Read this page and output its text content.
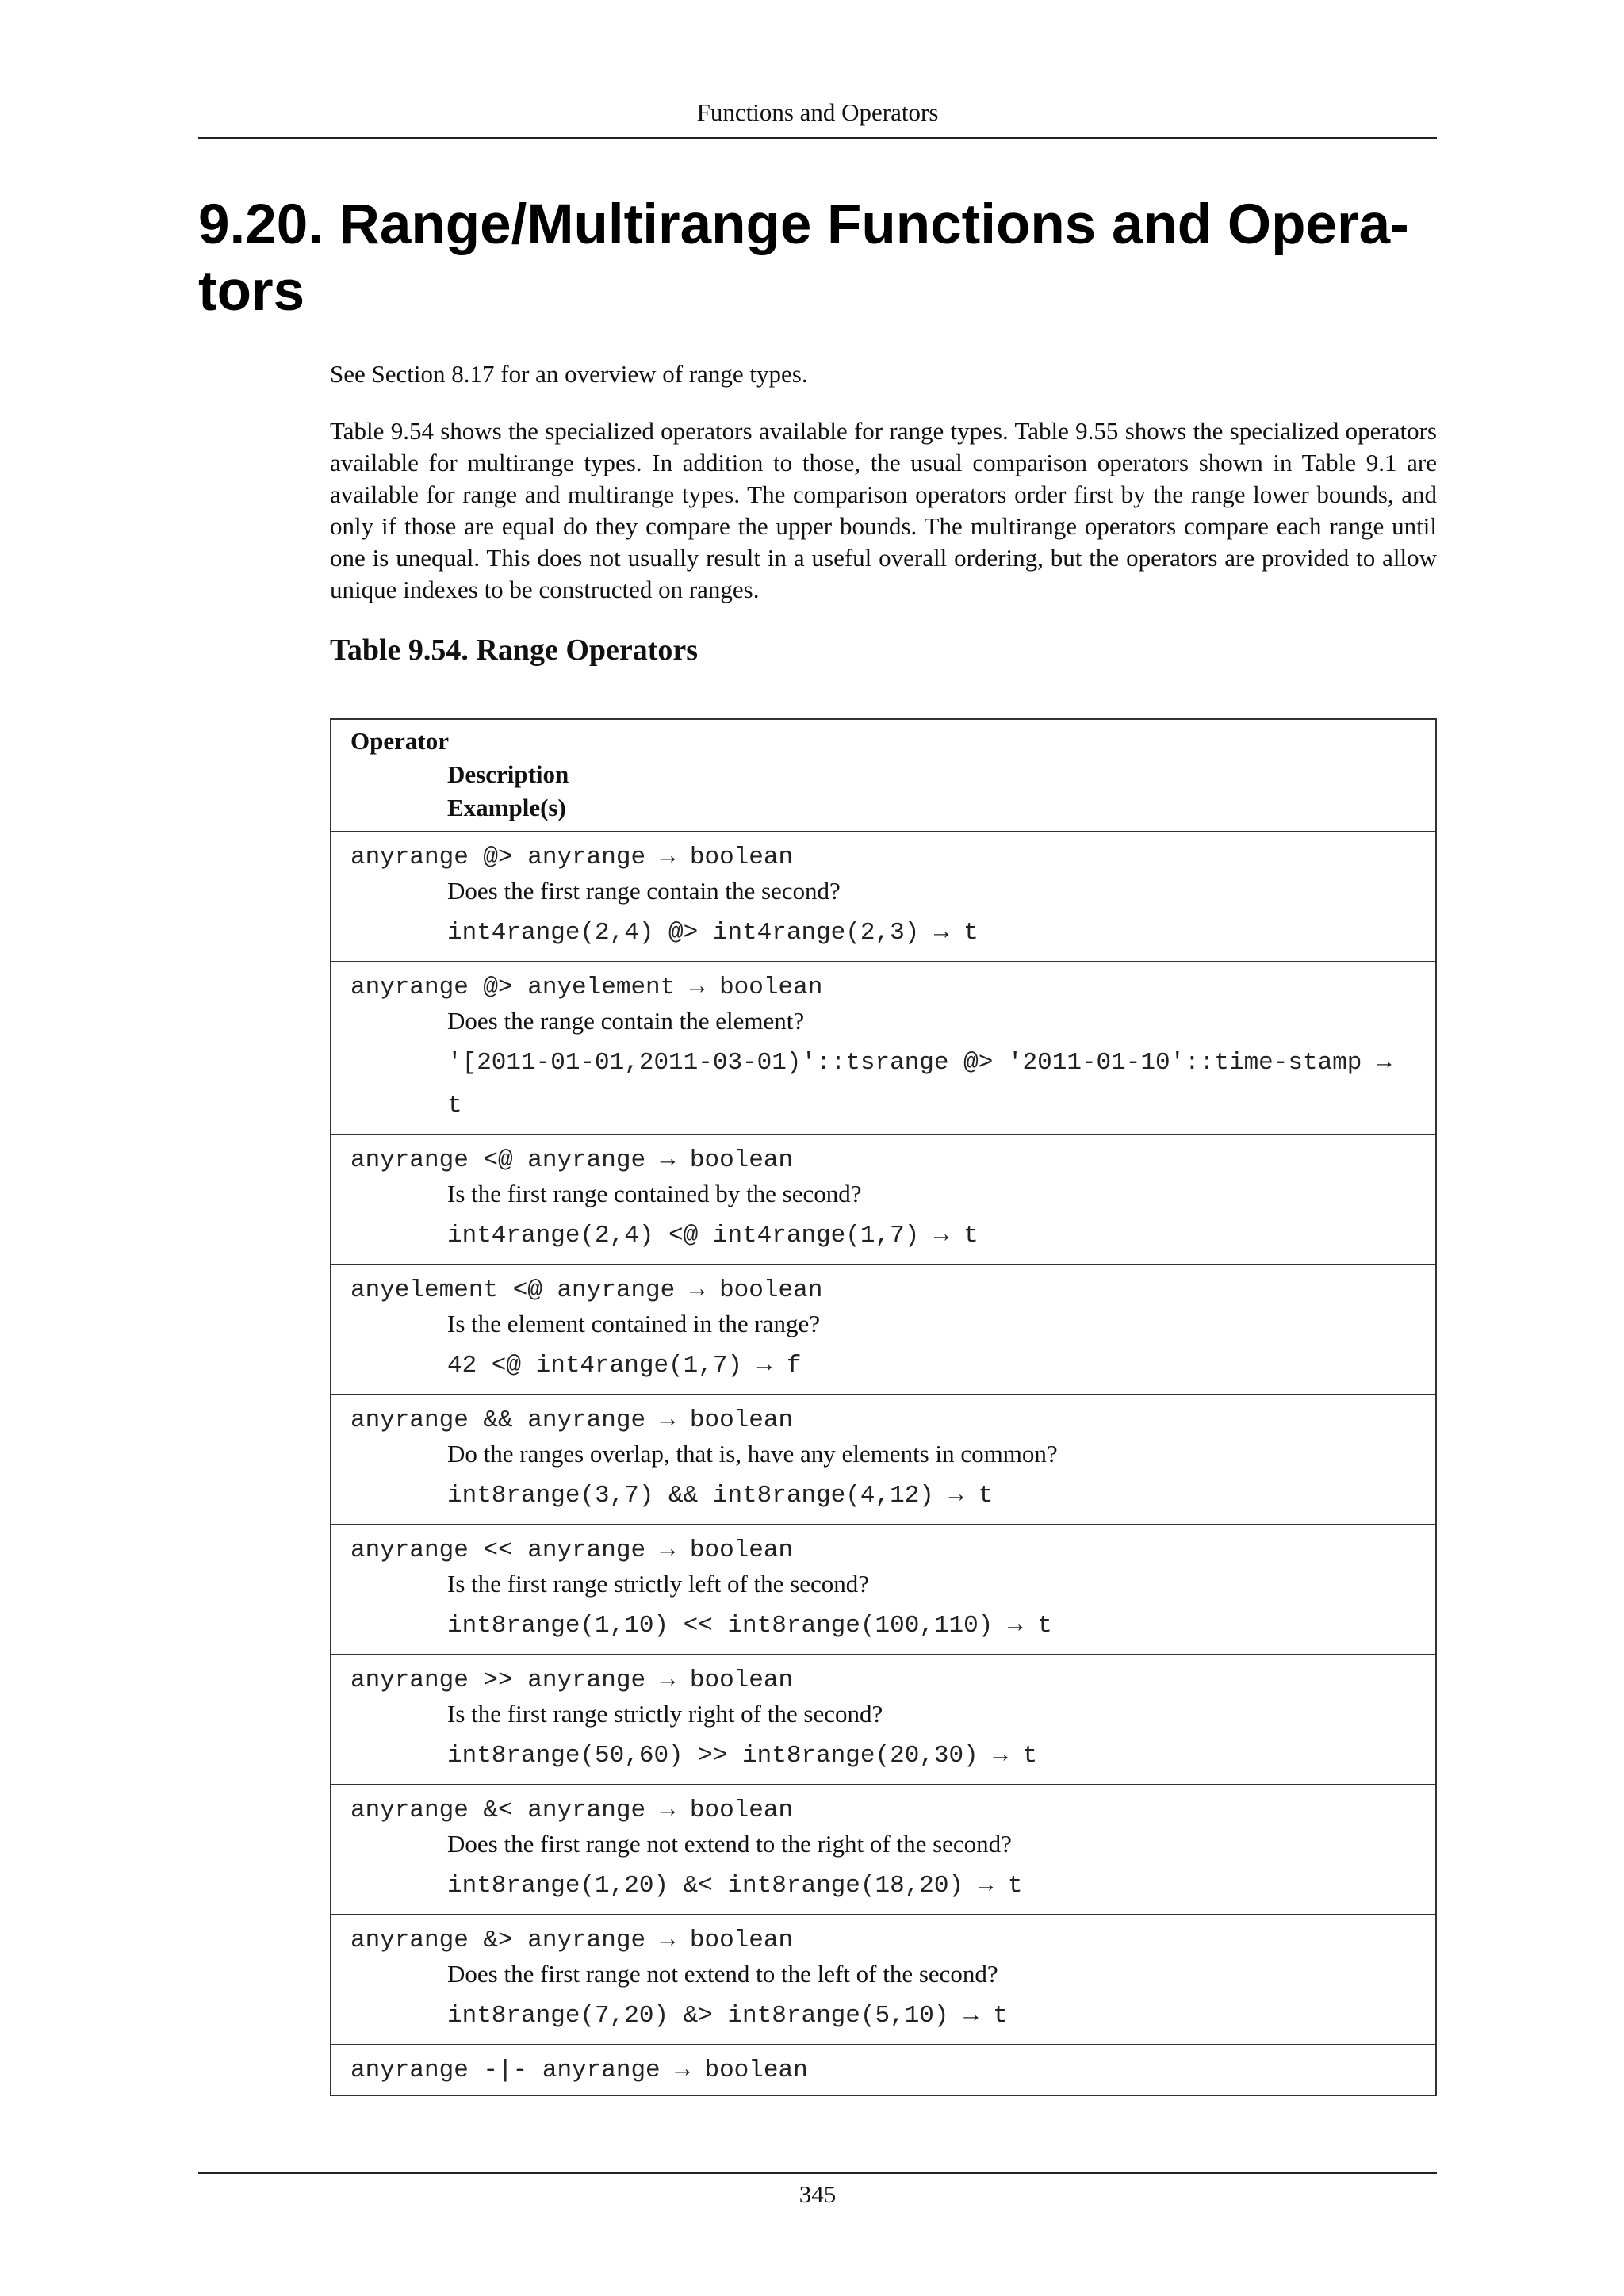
Functions and Operators
9.20. Range/Multirange Functions and Opera-tors

See Section 8.17 for an overview of range types.

Table 9.54 shows the specialized operators available for range types. Table 9.55 shows the specialized operators available for multirange types. In addition to those, the usual comparison operators shown in Table 9.1 are available for range and multirange types. The comparison operators order first by the range lower bounds, and only if those are equal do they compare the upper bounds. The multirange operators compare each range until one is unequal. This does not usually result in a useful overall ordering, but the operators are provided to allow unique indexes to be constructed on ranges.

Table 9.54. Range Operators
Operator
Description
Example(s)

anyrange @> anyrange → boolean
Does the first range contain the second?
int4range(2,4) @> int4range(2,3) → t

anyrange @> anyelement → boolean
Does the range contain the element?
'[2011-01-01,2011-03-01)'::tsrange @> '2011-01-10'::time-stamp → t

anyrange <@ anyrange → boolean
Is the first range contained by the second?
int4range(2,4) <@ int4range(1,7) → t

anyelement <@ anyrange → boolean
Is the element contained in the range?
42 <@ int4range(1,7) → f

anyrange && anyrange → boolean
Do the ranges overlap, that is, have any elements in common?
int8range(3,7) && int8range(4,12) → t

anyrange << anyrange → boolean
Is the first range strictly left of the second?
int8range(1,10) << int8range(100,110) → t

anyrange >> anyrange → boolean
Is the first range strictly right of the second?
int8range(50,60) >> int8range(20,30) → t

anyrange &< anyrange → boolean
Does the first range not extend to the right of the second?
int8range(1,20) &< int8range(18,20) → t

anyrange &> anyrange → boolean
Does the first range not extend to the left of the second?
int8range(7,20) &> int8range(5,10) → t

anyrange -|- anyrange → boolean
345
